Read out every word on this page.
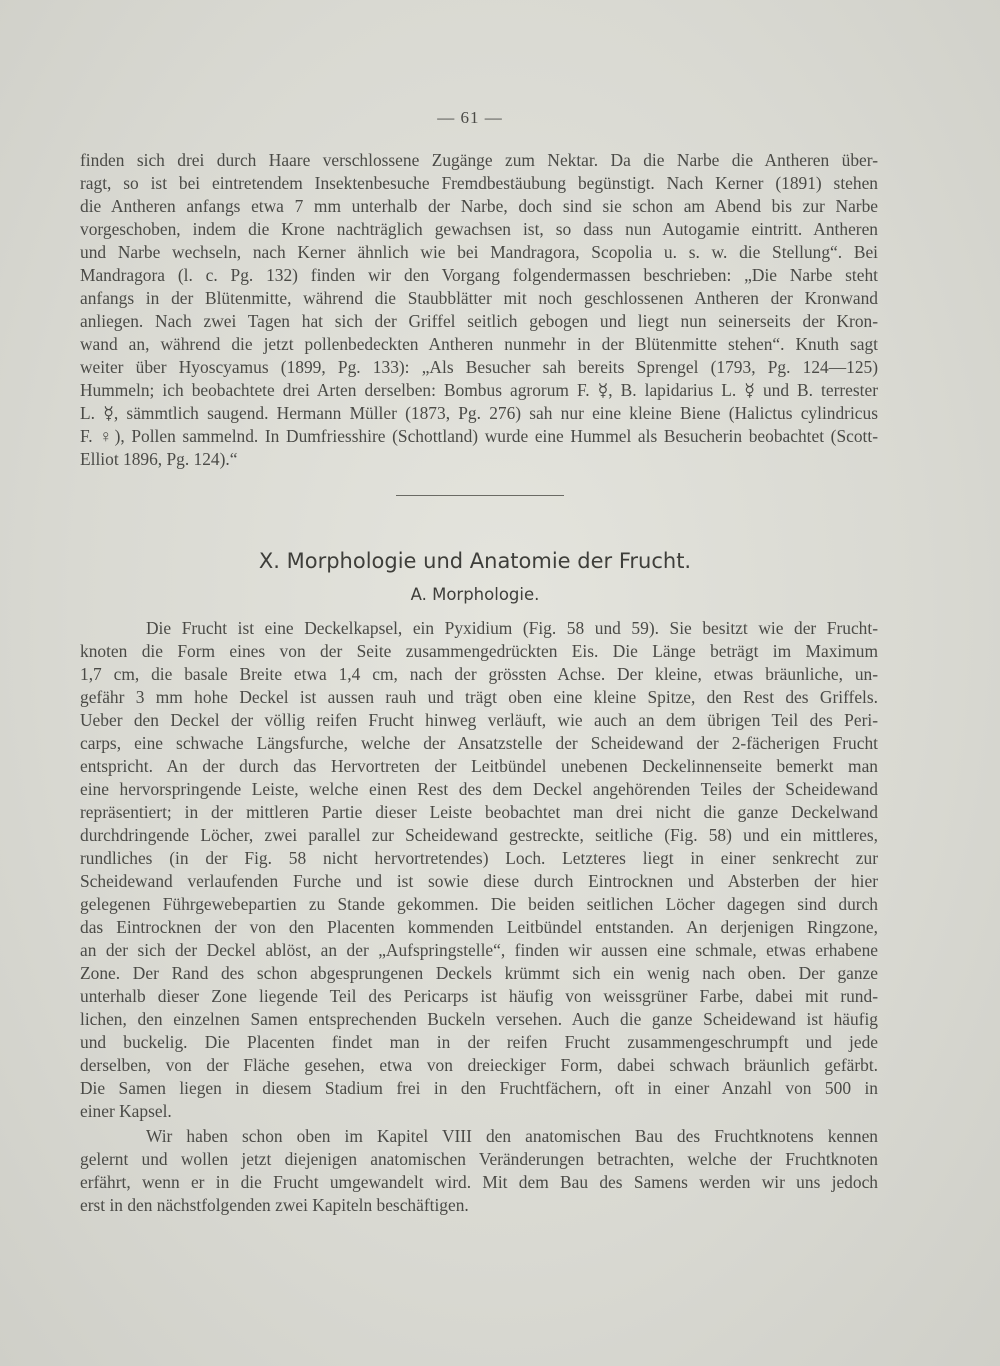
— 61 —
finden sich drei durch Haare verschlossene Zugänge zum Nektar. Da die Narbe die Antheren über-
ragt, so ist bei eintretendem Insektenbesuche Fremdbestäubung begünstigt. Nach Kerner (1891) stehen
die Antheren anfangs etwa 7 mm unterhalb der Narbe, doch sind sie schon am Abend bis zur Narbe
vorgeschoben, indem die Krone nachträglich gewachsen ist, so dass nun Autogamie eintritt. Antheren
und Narbe wechseln, nach Kerner ähnlich wie bei Mandragora, Scopolia u. s. w. die Stellung“. Bei
Mandragora (l. c. Pg. 132) finden wir den Vorgang folgendermassen beschrieben: „Die Narbe steht
anfangs in der Blütenmitte, während die Staubblätter mit noch geschlossenen Antheren der Kronwand
anliegen. Nach zwei Tagen hat sich der Griffel seitlich gebogen und liegt nun seinerseits der Kron-
wand an, während die jetzt pollenbedeckten Antheren nunmehr in der Blütenmitte stehen“. Knuth sagt
weiter über Hyoscyamus (1899, Pg. 133): „Als Besucher sah bereits Sprengel (1793, Pg. 124—125)
Hummeln; ich beobachtete drei Arten derselben: Bombus agrorum F. ☿, B. lapidarius L. ☿ und B. terrester
L. ☿, sämmtlich saugend. Hermann Müller (1873, Pg. 276) sah nur eine kleine Biene (Halictus cylindricus
F. ♀), Pollen sammelnd. In Dumfriesshire (Schottland) wurde eine Hummel als Besucherin beobachtet (Scott-
Elliot 1896, Pg. 124).“
X. Morphologie und Anatomie der Frucht.
A. Morphologie.
Die Frucht ist eine Deckelkapsel, ein Pyxidium (Fig. 58 und 59). Sie besitzt wie der Frucht-
knoten die Form eines von der Seite zusammengedrückten Eis. Die Länge beträgt im Maximum
1,7 cm, die basale Breite etwa 1,4 cm, nach der grössten Achse. Der kleine, etwas bräunliche, un-
gefähr 3 mm hohe Deckel ist aussen rauh und trägt oben eine kleine Spitze, den Rest des Griffels.
Ueber den Deckel der völlig reifen Frucht hinweg verläuft, wie auch an dem übrigen Teil des Peri-
carps, eine schwache Längsfurche, welche der Ansatzstelle der Scheidewand der 2-fächerigen Frucht
entspricht. An der durch das Hervortreten der Leitbündel unebenen Deckelinnenseite bemerkt man
eine hervorspringende Leiste, welche einen Rest des dem Deckel angehörenden Teiles der Scheidewand
repräsentiert; in der mittleren Partie dieser Leiste beobachtet man drei nicht die ganze Deckelwand
durchdringende Löcher, zwei parallel zur Scheidewand gestreckte, seitliche (Fig. 58) und ein mittleres,
rundliches (in der Fig. 58 nicht hervortretendes) Loch. Letzteres liegt in einer senkrecht zur
Scheidewand verlaufenden Furche und ist sowie diese durch Eintrocknen und Absterben der hier
gelegenen Führgewebepartien zu Stande gekommen. Die beiden seitlichen Löcher dagegen sind durch
das Eintrocknen der von den Placenten kommenden Leitbündel entstanden. An derjenigen Ringzone,
an der sich der Deckel ablöst, an der „Aufspringstelle“, finden wir aussen eine schmale, etwas erhabene
Zone. Der Rand des schon abgesprungenen Deckels krümmt sich ein wenig nach oben. Der ganze
unterhalb dieser Zone liegende Teil des Pericarps ist häufig von weissgrüner Farbe, dabei mit rund-
lichen, den einzelnen Samen entsprechenden Buckeln versehen. Auch die ganze Scheidewand ist häufig
und buckelig. Die Placenten findet man in der reifen Frucht zusammengeschrumpft und jede
derselben, von der Fläche gesehen, etwa von dreieckiger Form, dabei schwach bräunlich gefärbt.
Die Samen liegen in diesem Stadium frei in den Fruchtfächern, oft in einer Anzahl von 500 in
einer Kapsel.
Wir haben schon oben im Kapitel VIII den anatomischen Bau des Fruchtknotens kennen
gelernt und wollen jetzt diejenigen anatomischen Veränderungen betrachten, welche der Fruchtknoten
erfährt, wenn er in die Frucht umgewandelt wird. Mit dem Bau des Samens werden wir uns jedoch
erst in den nächstfolgenden zwei Kapiteln beschäftigen.
